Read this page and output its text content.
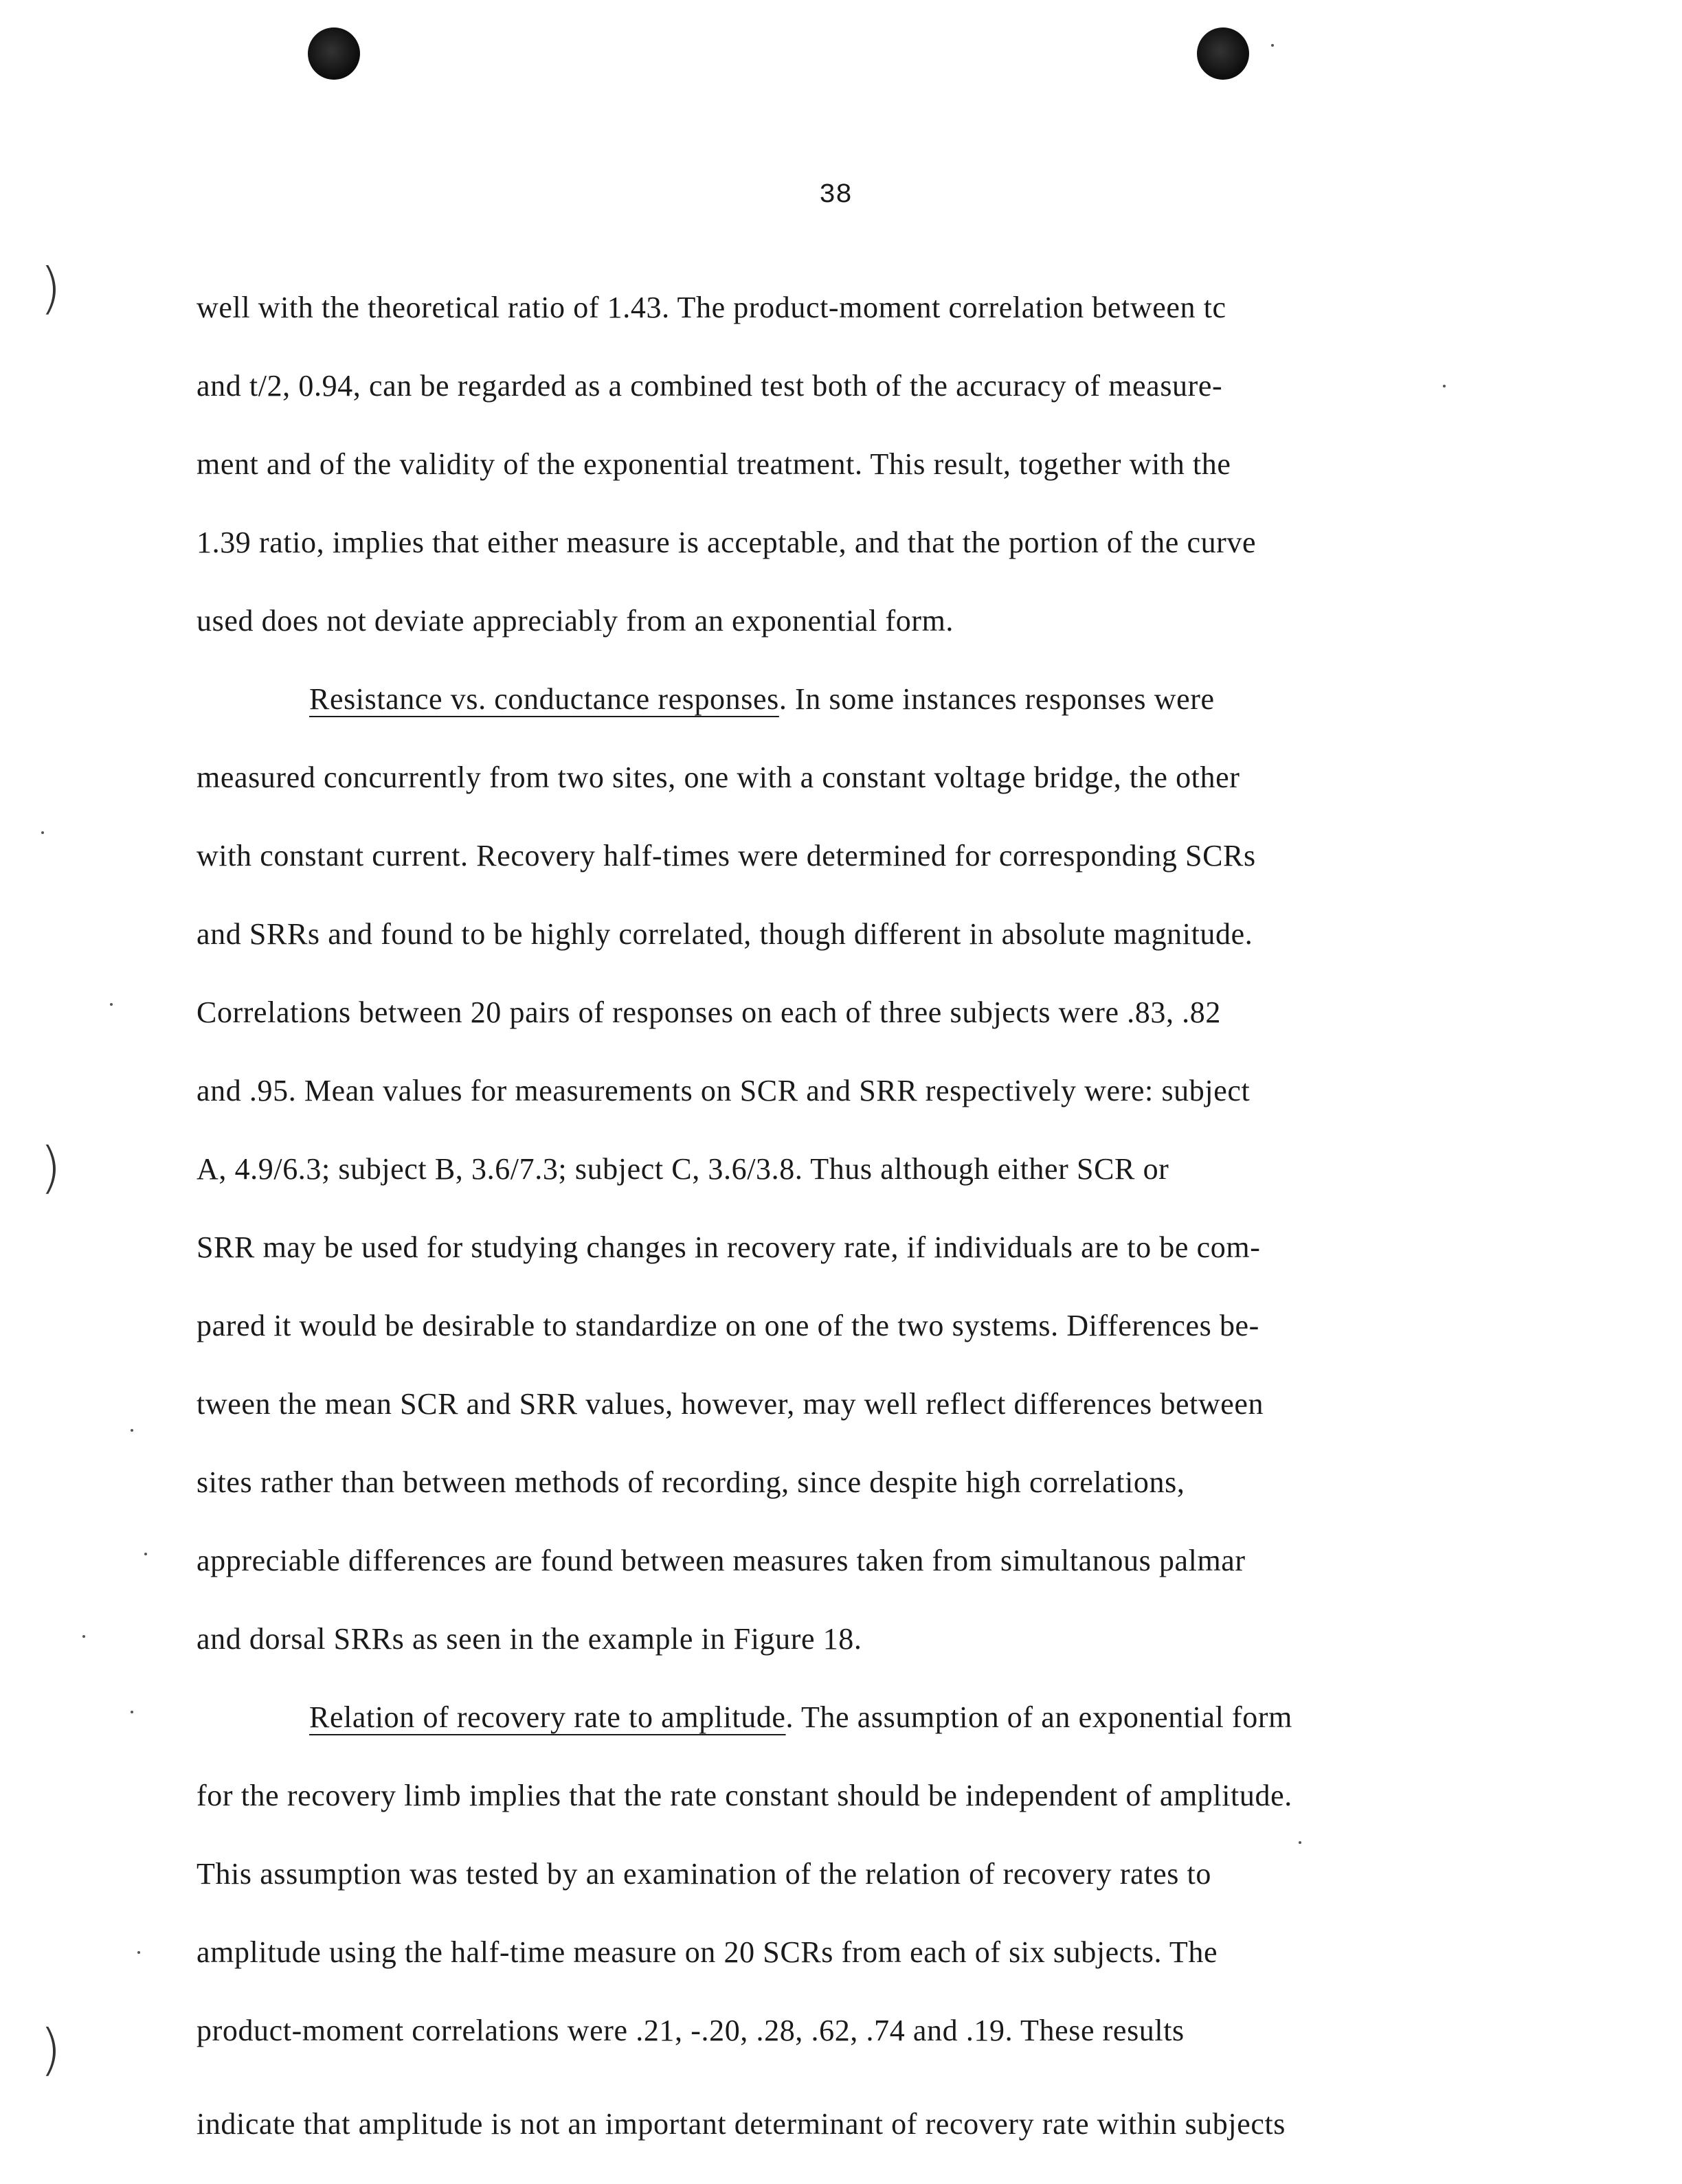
)
)
)
38
well with the theoretical ratio of 1.43. The product-moment correlation between tc
and t/2, 0.94, can be regarded as a combined test both of the accuracy of measure-
ment and of the validity of the exponential treatment. This result, together with the
1.39 ratio, implies that either measure is acceptable, and that the portion of the curve
used does not deviate appreciably from an exponential form.
Resistance vs. conductance responses. In some instances responses were
measured concurrently from two sites, one with a constant voltage bridge, the other
with constant current. Recovery half-times were determined for corresponding SCRs
and SRRs and found to be highly correlated, though different in absolute magnitude.
Correlations between 20 pairs of responses on each of three subjects were .83, .82
and .95. Mean values for measurements on SCR and SRR respectively were: subject
A, 4.9/6.3; subject B, 3.6/7.3; subject C, 3.6/3.8. Thus although either SCR or
SRR may be used for studying changes in recovery rate, if individuals are to be com-
pared it would be desirable to standardize on one of the two systems. Differences be-
tween the mean SCR and SRR values, however, may well reflect differences between
sites rather than between methods of recording, since despite high correlations,
appreciable differences are found between measures taken from simultanous palmar
and dorsal SRRs as seen in the example in Figure 18.
Relation of recovery rate to amplitude. The assumption of an exponential form
for the recovery limb implies that the rate constant should be independent of amplitude.
This assumption was tested by an examination of the relation of recovery rates to
amplitude using the half-time measure on 20 SCRs from each of six subjects. The
product-moment correlations were .21, -.20, .28, .62, .74 and .19. These results
indicate that amplitude is not an important determinant of recovery rate within subjects
